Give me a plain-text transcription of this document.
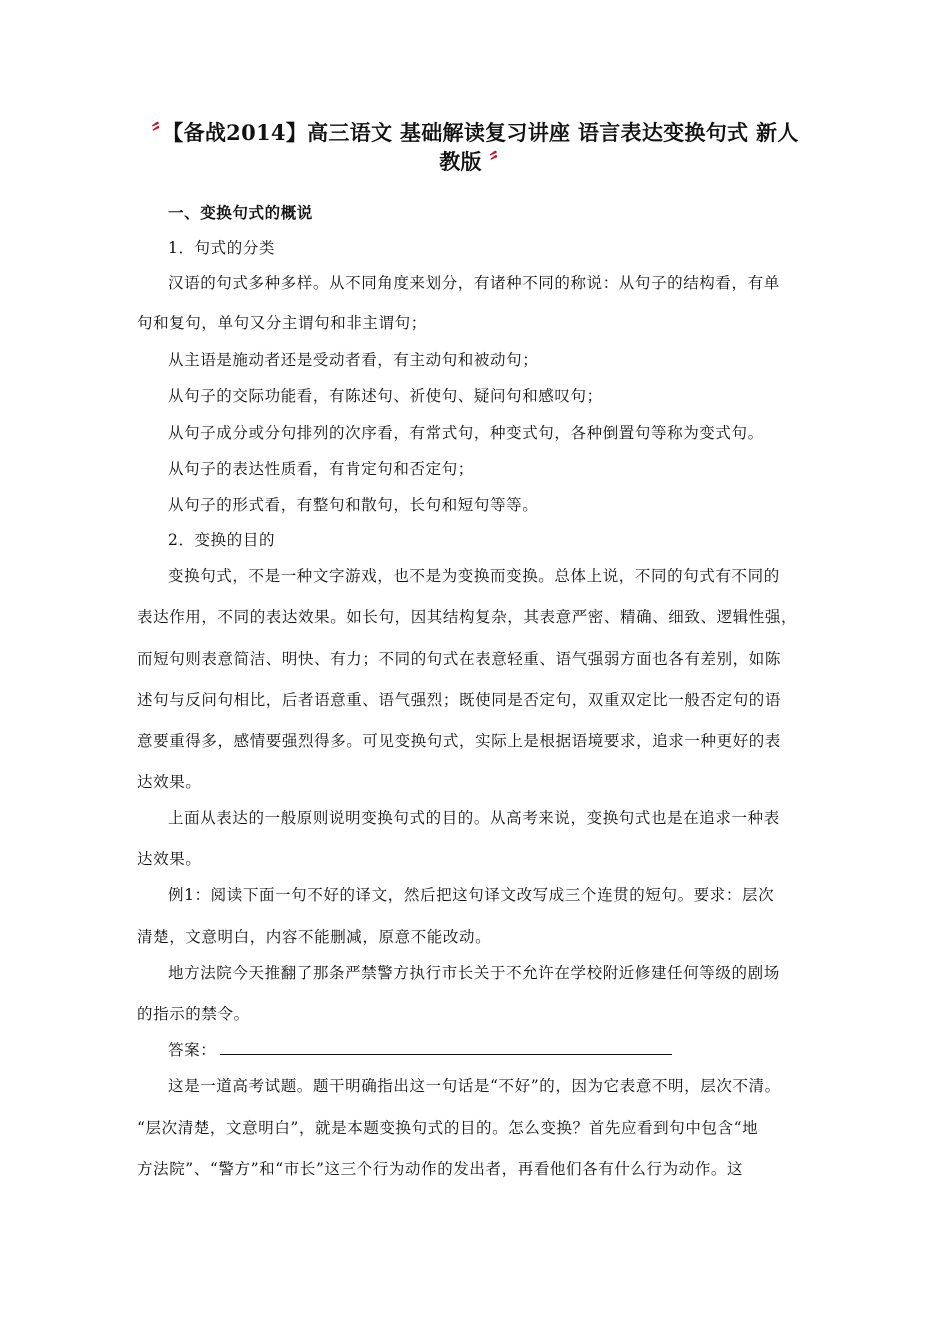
〞【备战2014】高三语文 基础解读复习讲座 语言表达变换句式 新人
教版 〞
一、变换句式的概说
1．句式的分类
汉语的句式多种多样。从不同角度来划分，有诸种不同的称说：从句子的结构看，有单
句和复句，单句又分主谓句和非主谓句；
从主语是施动者还是受动者看，有主动句和被动句；
从句子的交际功能看，有陈述句、祈使句、疑问句和感叹句；
从句子成分或分句排列的次序看，有常式句，种变式句，各种倒置句等称为变式句。
从句子的表达性质看，有肯定句和否定句；
从句子的形式看，有整句和散句，长句和短句等等。
2．变换的目的
变换句式，不是一种文字游戏，也不是为变换而变换。总体上说，不同的句式有不同的
表达作用，不同的表达效果。如长句，因其结构复杂，其表意严密、精确、细致、逻辑性强，
而短句则表意简洁、明快、有力；不同的句式在表意轻重、语气强弱方面也各有差别，如陈
述句与反问句相比，后者语意重、语气强烈；既使同是否定句，双重双定比一般否定句的语
意要重得多，感情要强烈得多。可见变换句式，实际上是根据语境要求，追求一种更好的表
达效果。
上面从表达的一般原则说明变换句式的目的。从高考来说，变换句式也是在追求一种表
达效果。
例1：阅读下面一句不好的译文，然后把这句译文改写成三个连贯的短句。要求：层次
清楚，文意明白，内容不能删减，原意不能改动。
地方法院今天推翻了那条严禁警方执行市长关于不允许在学校附近修建任何等级的剧场
的指示的禁令。
答案：
这是一道高考试题。题干明确指出这一句话是“不好”的，因为它表意不明，层次不清。
“层次清楚，文意明白”，就是本题变换句式的目的。怎么变换？首先应看到句中包含“地
方法院”、“警方”和“市长”这三个行为动作的发出者，再看他们各有什么行为动作。这
